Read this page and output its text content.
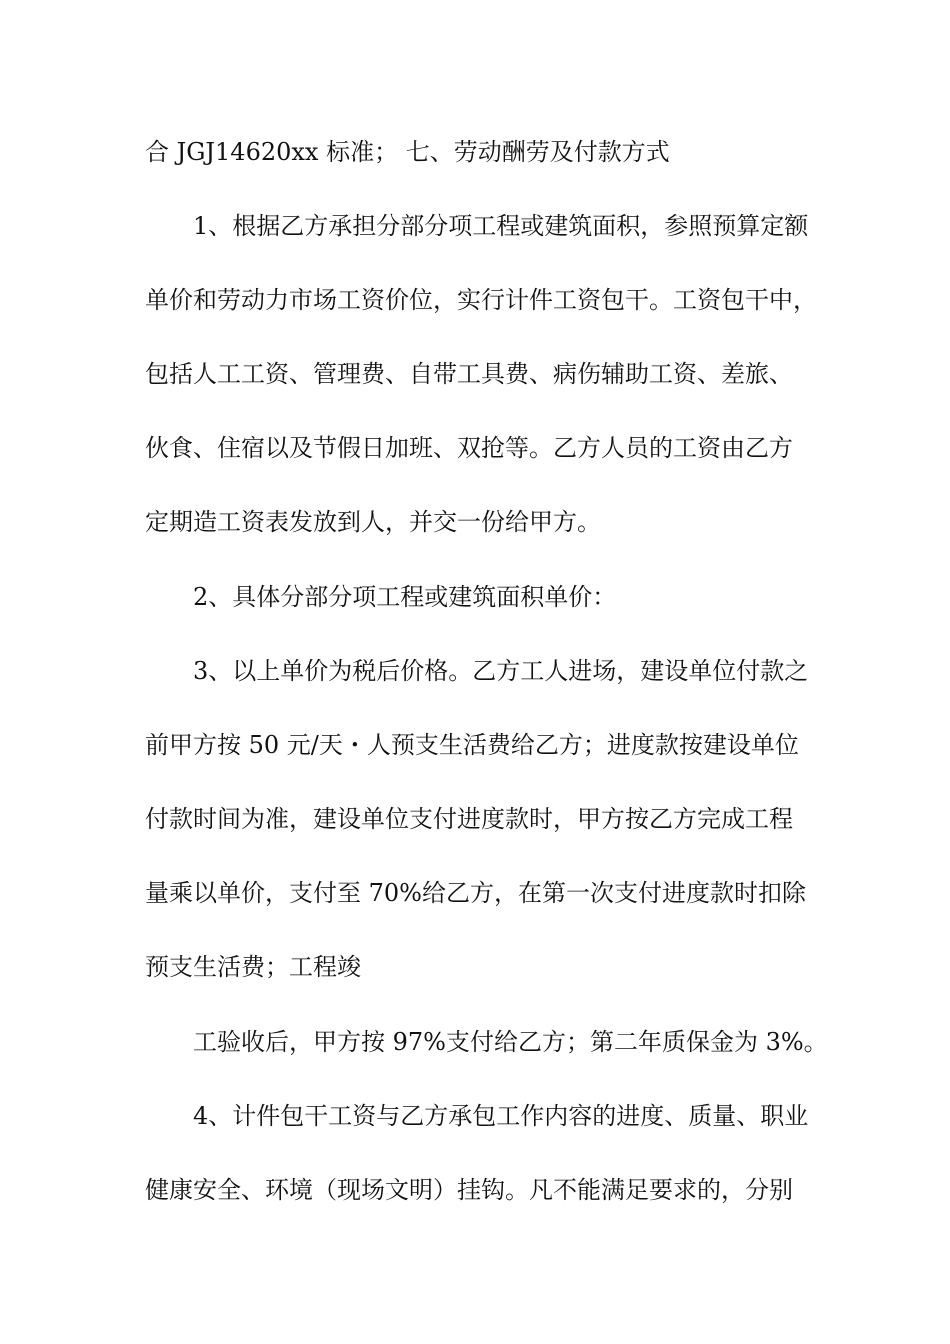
合 JGJ14620xx 标准； 七、劳动酬劳及付款方式

1、根据乙方承担分部分项工程或建筑面积，参照预算定额

单价和劳动力市场工资价位，实行计件工资包干。工资包干中，

包括人工工资、管理费、自带工具费、病伤辅助工资、差旅、

伙食、住宿以及节假日加班、双抢等。乙方人员的工资由乙方

定期造工资表发放到人，并交一份给甲方。

2、具体分部分项工程或建筑面积单价：

3、以上单价为税后价格。乙方工人进场，建设单位付款之

前甲方按 50 元/天・人预支生活费给乙方；进度款按建设单位

付款时间为准，建设单位支付进度款时，甲方按乙方完成工程

量乘以单价，支付至 70%给乙方，在第一次支付进度款时扣除

预支生活费；工程竣

工验收后，甲方按 97%支付给乙方；第二年质保金为 3%。

4、计件包干工资与乙方承包工作内容的进度、质量、职业

健康安全、环境（现场文明）挂钩。凡不能满足要求的，分别
